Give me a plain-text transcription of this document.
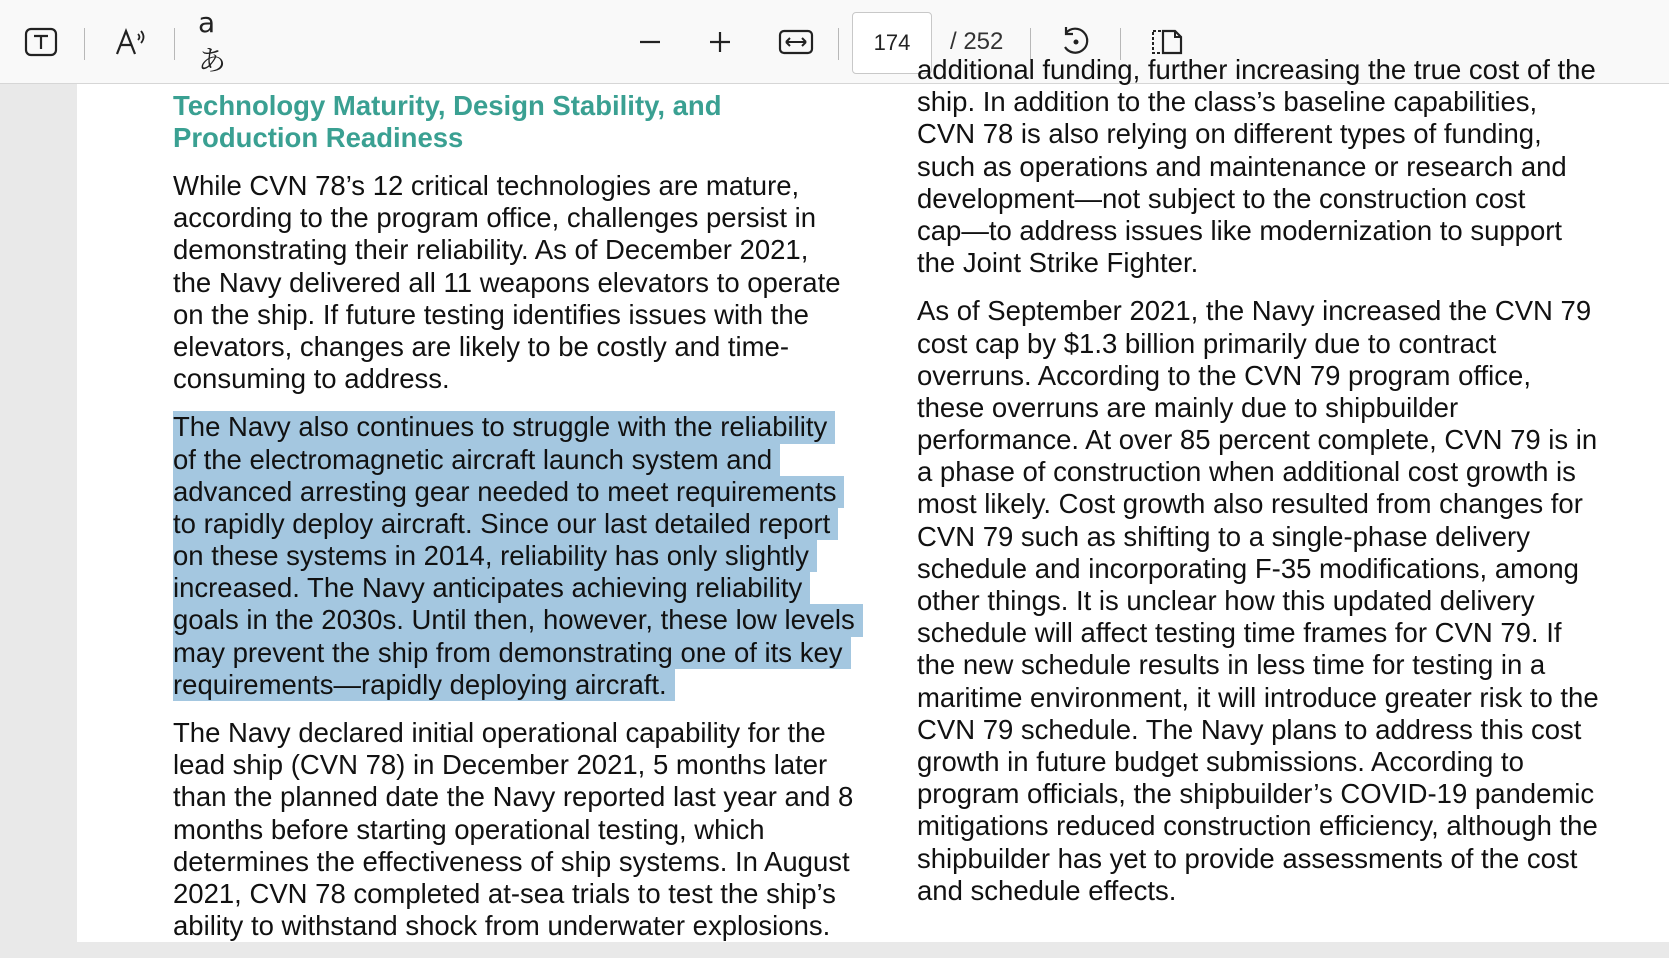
aあ
174	/ 252
Technology Maturity, Design Stability, and
Production Readiness
While CVN 78’s 12 critical technologies are mature,
according to the program office, challenges persist in
demonstrating their reliability. As of December 2021,
the Navy delivered all 11 weapons elevators to operate
on the ship. If future testing identifies issues with the
elevators, changes are likely to be costly and time-
consuming to address.
The Navy also continues to struggle with the reliability
of the electromagnetic aircraft launch system and
advanced arresting gear needed to meet requirements
to rapidly deploy aircraft. Since our last detailed report
on these systems in 2014, reliability has only slightly
increased. The Navy anticipates achieving reliability
goals in the 2030s. Until then, however, these low levels
may prevent the ship from demonstrating one of its key
requirements—rapidly deploying aircraft.
The Navy declared initial operational capability for the
lead ship (CVN 78) in December 2021, 5 months later
than the planned date the Navy reported last year and 8
months before starting operational testing, which
determines the effectiveness of ship systems. In August
2021, CVN 78 completed at-sea trials to test the ship’s
ability to withstand shock from underwater explosions.
additional funding, further increasing the true cost of the
ship. In addition to the class’s baseline capabilities,
CVN 78 is also relying on different types of funding,
such as operations and maintenance or research and
development—not subject to the construction cost
cap—to address issues like modernization to support
the Joint Strike Fighter.
As of September 2021, the Navy increased the CVN 79
cost cap by $1.3 billion primarily due to contract
overruns. According to the CVN 79 program office,
these overruns are mainly due to shipbuilder
performance. At over 85 percent complete, CVN 79 is in
a phase of construction when additional cost growth is
most likely. Cost growth also resulted from changes for
CVN 79 such as shifting to a single-phase delivery
schedule and incorporating F-35 modifications, among
other things. It is unclear how this updated delivery
schedule will affect testing time frames for CVN 79. If
the new schedule results in less time for testing in a
maritime environment, it will introduce greater risk to the
CVN 79 schedule. The Navy plans to address this cost
growth in future budget submissions. According to
program officials, the shipbuilder’s COVID-19 pandemic
mitigations reduced construction efficiency, although the
shipbuilder has yet to provide assessments of the cost
and schedule effects.
